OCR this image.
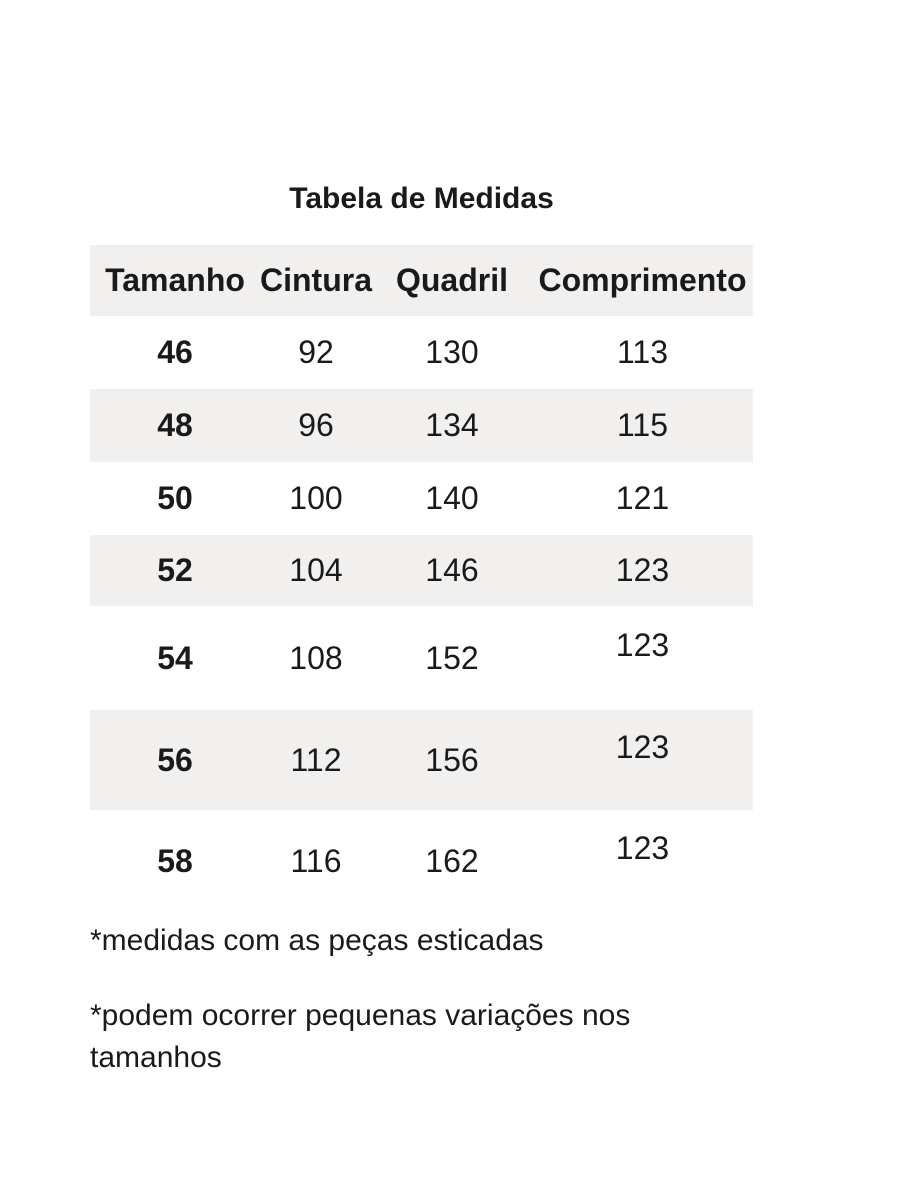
Tabela de Medidas
Tamanho	Cintura	Quadril	Comprimento
46	92	130	113
48	96	134	115
50	100	140	121
52	104	146	123
54	108	152	123
56	112	156	123
58	116	162	123

*medidas com as peças esticadas

*podem ocorrer pequenas variações nos tamanhos
